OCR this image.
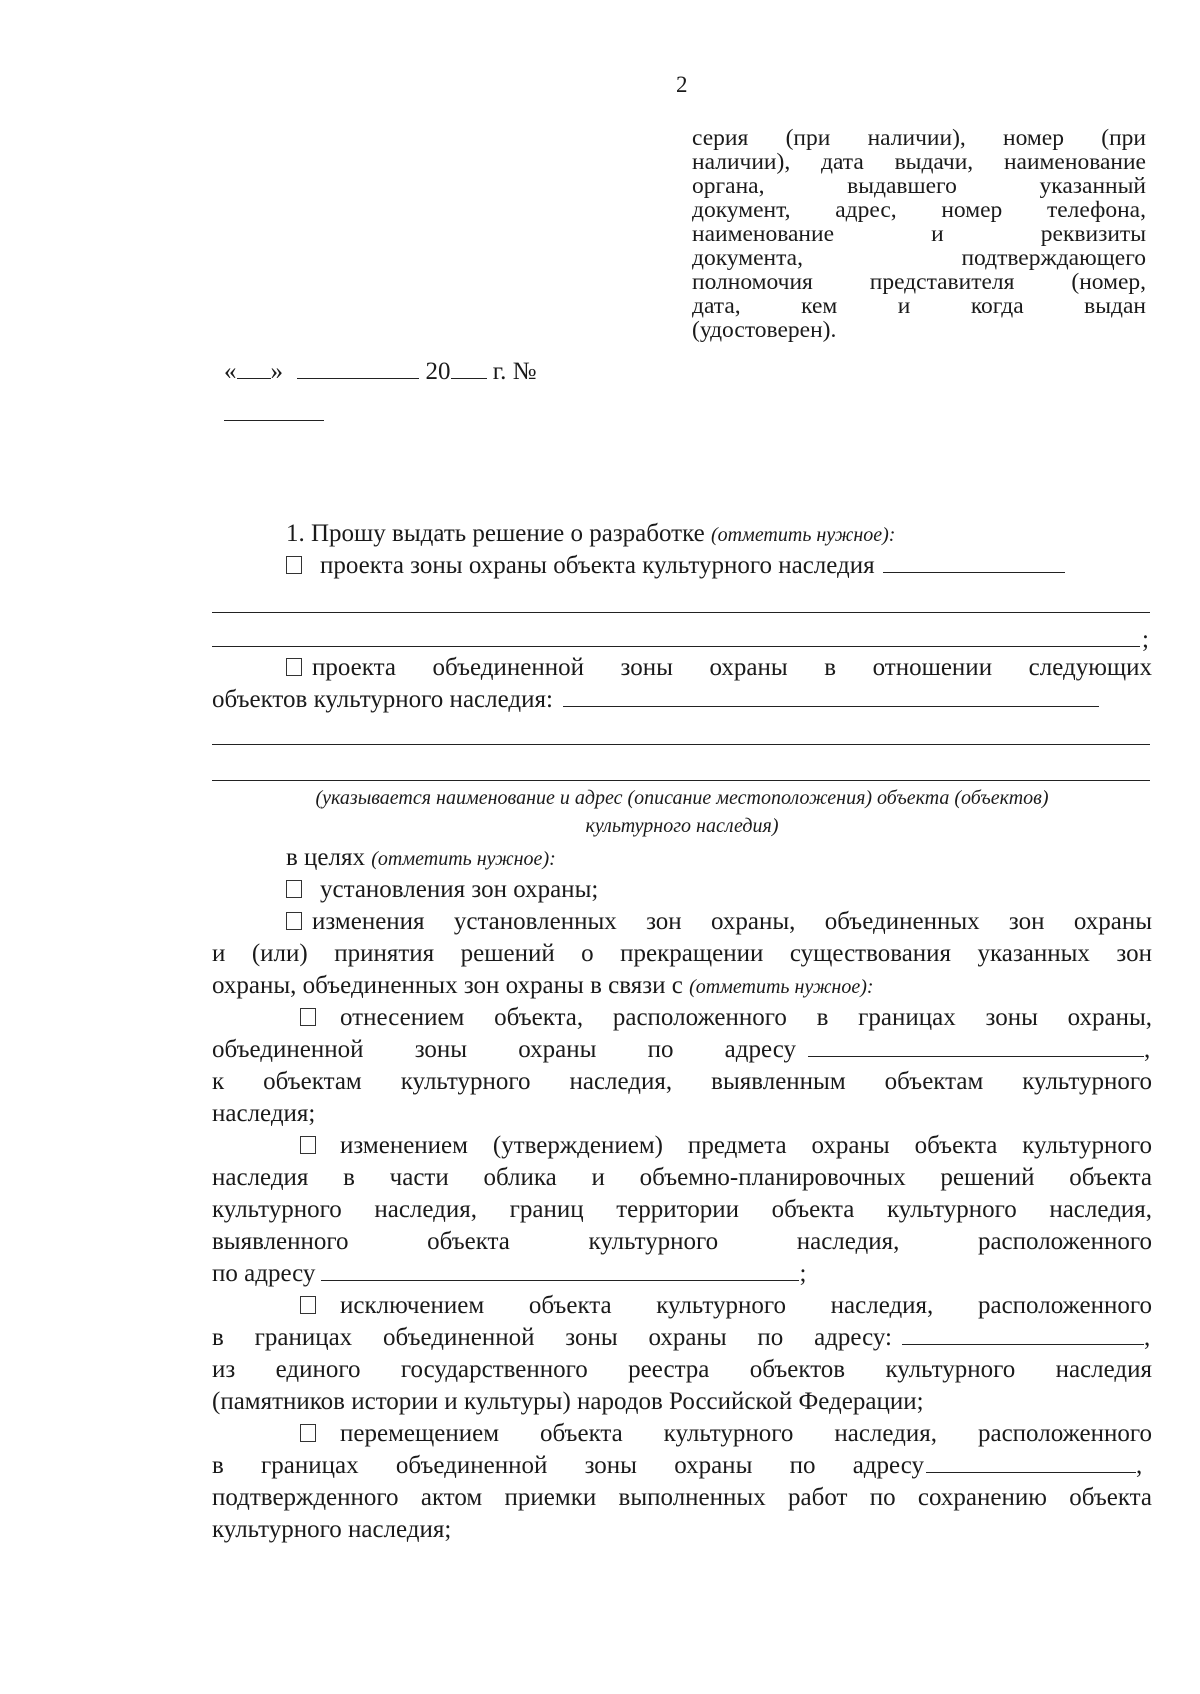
2
серия (при наличии), номер (при
наличии), дата выдачи, наименование
органа, выдавшего указанный
документ, адрес, номер телефона,
наименование и реквизиты
документа, подтверждающего
полномочия представителя (номер,
дата, кем и когда выдан
(удостоверен).
« »	20 г. №
1. Прошу выдать решение о разработке (отметить нужное):
проекта зоны охраны объекта культурного наследия
;
проекта объединенной зоны охраны в отношении следующих
объектов культурного наследия:
(указывается наименование и адрес (описание местоположения) объекта (объектов)
культурного наследия)
в целях (отметить нужное):
установления зон охраны;
изменения установленных зон охраны, объединенных зон охраны
и (или) принятия решений о прекращении существования указанных зон
охраны, объединенных зон охраны в связи с (отметить нужное):
отнесением объекта, расположенного в границах зоны охраны,
объединенной зоны охраны по адресу	,
к объектам культурного наследия, выявленным объектам культурного
наследия;
изменением (утверждением) предмета охраны объекта культурного
наследия в части облика и объемно-планировочных решений объекта
культурного наследия, границ территории объекта культурного наследия,
выявленного объекта культурного наследия, расположенного
по адресу	;
исключением объекта культурного наследия, расположенного
в границах объединенной зоны охраны по адресу:	,
из единого государственного реестра объектов культурного наследия
(памятников истории и культуры) народов Российской Федерации;
перемещением объекта культурного наследия, расположенного
в границах объединенной зоны охраны по адресу	,
подтвержденного актом приемки выполненных работ по сохранению объекта
культурного наследия;
